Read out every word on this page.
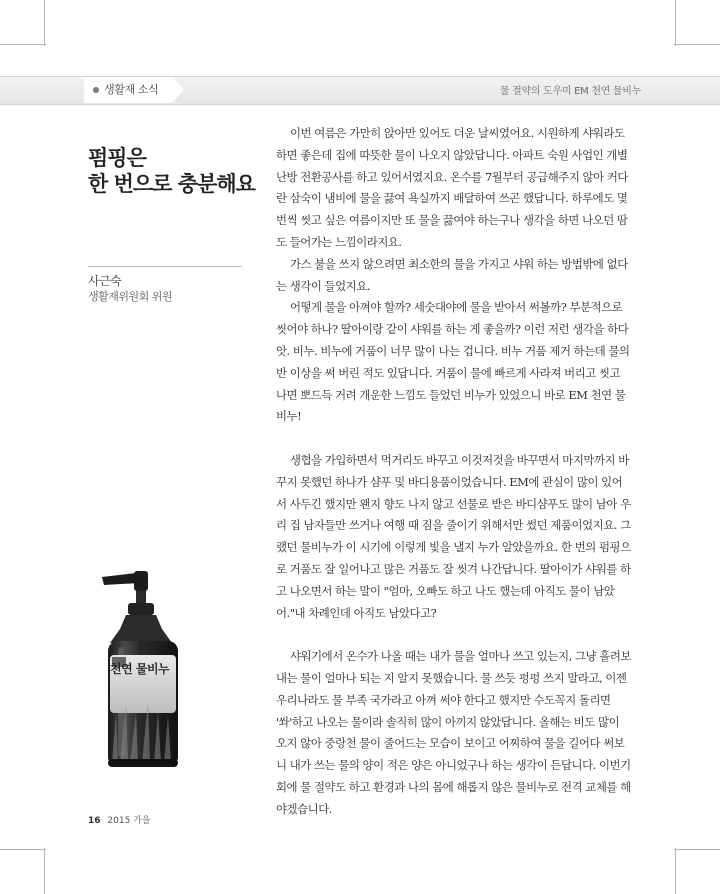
생활재 소식	물 절약의 도우미 EM 천연 물비누
펌핑은
한 번으로 충분해요
사근숙
생활재위원회 위원

이번 여름은 가만히 앉아만 있어도 더운 날씨였어요. 시원하게 샤워라도 하면 좋은데 집에 따뜻한 물이 나오지 않았답니다. 아파트 숙원 사업인 개별난방 전환공사를 하고 있어서였지요. 온수를 7월부터 공급해주지 않아 커다란 삼숙이 냄비에 물을 끓여 욕실까지 배달하여 쓰곤 했답니다. 하루에도 몇 번씩 씻고 싶은 여름이지만 또 물을 끓여야 하는구나 생각을 하면 나오던 땀도 들어가는 느낌이라지요.

가스 불을 쓰지 않으려면 최소한의 물을 가지고 샤워 하는 방법밖에 없다는 생각이 들었지요.

어떻게 물을 아껴야 할까? 세숫대야에 물을 받아서 써볼까? 부분적으로 씻어야 하나? 딸아이랑 같이 샤워를 하는 게 좋을까? 이런 저런 생각을 하다 앗. 비누. 비누에 거품이 너무 많이 나는 겁니다. 비누 거품 제거 하는데 물의 반 이상을 써 버린 적도 있답니다. 거품이 물에 빠르게 사라져 버리고 씻고 나면 뽀드득 거려 개운한 느낌도 들었던 비누가 있었으니 바로 EM 천연 물비누!

생협을 가입하면서 먹거리도 바꾸고 이것저것을 바꾸면서 마지막까지 바꾸지 못했던 하나가 샴푸 및 바디용품이었습니다. EM에 관심이 많이 있어서 사두긴 했지만 왠지 향도 나지 않고 선물로 받은 바디샴푸도 많이 남아 우리 집 남자들만 쓰거나 여행 때 짐을 줄이기 위해서만 썼던 제품이었지요. 그랬던 물비누가 이 시기에 이렇게 빛을 낼지 누가 알았을까요. 한 번의 펌핑으로 거품도 잘 일어나고 많은 거품도 잘 씻겨 나간답니다. 딸아이가 샤워를 하고 나오면서 하는 말이 "엄마, 오빠도 하고 나도 했는데 아직도 물이 남았어."내 차례인데 아직도 남았다고?

샤워기에서 온수가 나올 때는 내가 물을 얼마나 쓰고 있는지, 그냥 흘려보내는 물이 얼마나 되는 지 알지 못했습니다. 물 쓰듯 펑펑 쓰지 말라고, 이젠 우리나라도 물 부족 국가라고 아껴 써야 한다고 했지만 수도꼭지 돌리면 '쏴'하고 나오는 물이라 솔직히 많이 아끼지 않았답니다. 올해는 비도 많이 오지 않아 중랑천 물이 줄어드는 모습이 보이고 어찌하여 물을 길어다 써보니 내가 쓰는 물의 양이 적은 양은 아니었구나 하는 생각이 든답니다. 이번기회에 물 절약도 하고 환경과 나의 몸에 해롭지 않은 물비누로 전격 교체를 해야겠습니다.

천연 물비누
16 2015 가을
